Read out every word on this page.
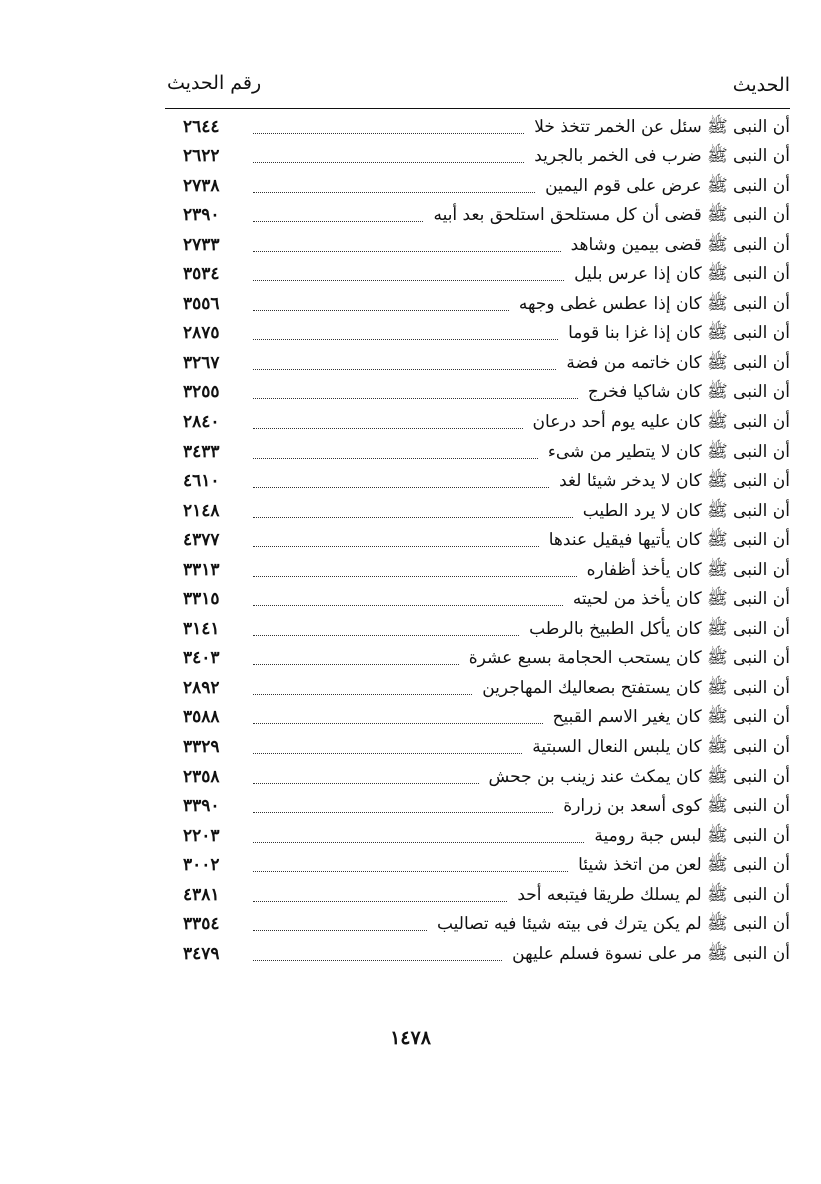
الحديث
رقم الحديث
٢٦٤٤	أن النبى ﷺ سئل عن الخمر تتخذ خلا
٢٦٢٢	أن النبى ﷺ ضرب فى الخمر بالجريد
٢٧٣٨	أن النبى ﷺ عرض على قوم اليمين
٢٣٩٠	أن النبى ﷺ قضى أن كل مستلحق استلحق بعد أبيه
٢٧٣٣	أن النبى ﷺ قضى بيمين وشاهد
٣٥٣٤	أن النبى ﷺ كان إذا عرس بليل
٣٥٥٦	أن النبى ﷺ كان إذا عطس غطى وجهه
٢٨٧٥	أن النبى ﷺ كان إذا غزا بنا قوما
٣٢٦٧	أن النبى ﷺ كان خاتمه من فضة
٣٢٥٥	أن النبى ﷺ كان شاكيا فخرج
٢٨٤٠	أن النبى ﷺ كان عليه يوم أحد درعان
٣٤٣٣	أن النبى ﷺ كان لا يتطير من شىء
٤٦١٠	أن النبى ﷺ كان لا يدخر شيئا لغد
٢١٤٨	أن النبى ﷺ كان لا يرد الطيب
٤٣٧٧	أن النبى ﷺ كان يأتيها فيقيل عندها
٣٣١٣	أن النبى ﷺ كان يأخذ أظفاره
٣٣١٥	أن النبى ﷺ كان يأخذ من لحيته
٣١٤١	أن النبى ﷺ كان يأكل الطبيخ بالرطب
٣٤٠٣	أن النبى ﷺ كان يستحب الحجامة بسبع عشرة
٢٨٩٢	أن النبى ﷺ كان يستفتح بصعاليك المهاجرين
٣٥٨٨	أن النبى ﷺ كان يغير الاسم القبيح
٣٣٢٩	أن النبى ﷺ كان يلبس النعال السبتية
٢٣٥٨	أن النبى ﷺ كان يمكث عند زينب بن جحش
٣٣٩٠	أن النبى ﷺ كوى أسعد بن زرارة
٢٢٠٣	أن النبى ﷺ لبس جبة رومية
٣٠٠٢	أن النبى ﷺ لعن من اتخذ شيئا
٤٣٨١	أن النبى ﷺ لم يسلك طريقا فيتبعه أحد
٣٣٥٤	أن النبى ﷺ لم يكن يترك فى بيته شيئا فيه تصاليب
٣٤٧٩	أن النبى ﷺ مر على نسوة فسلم عليهن
١٤٧٨
